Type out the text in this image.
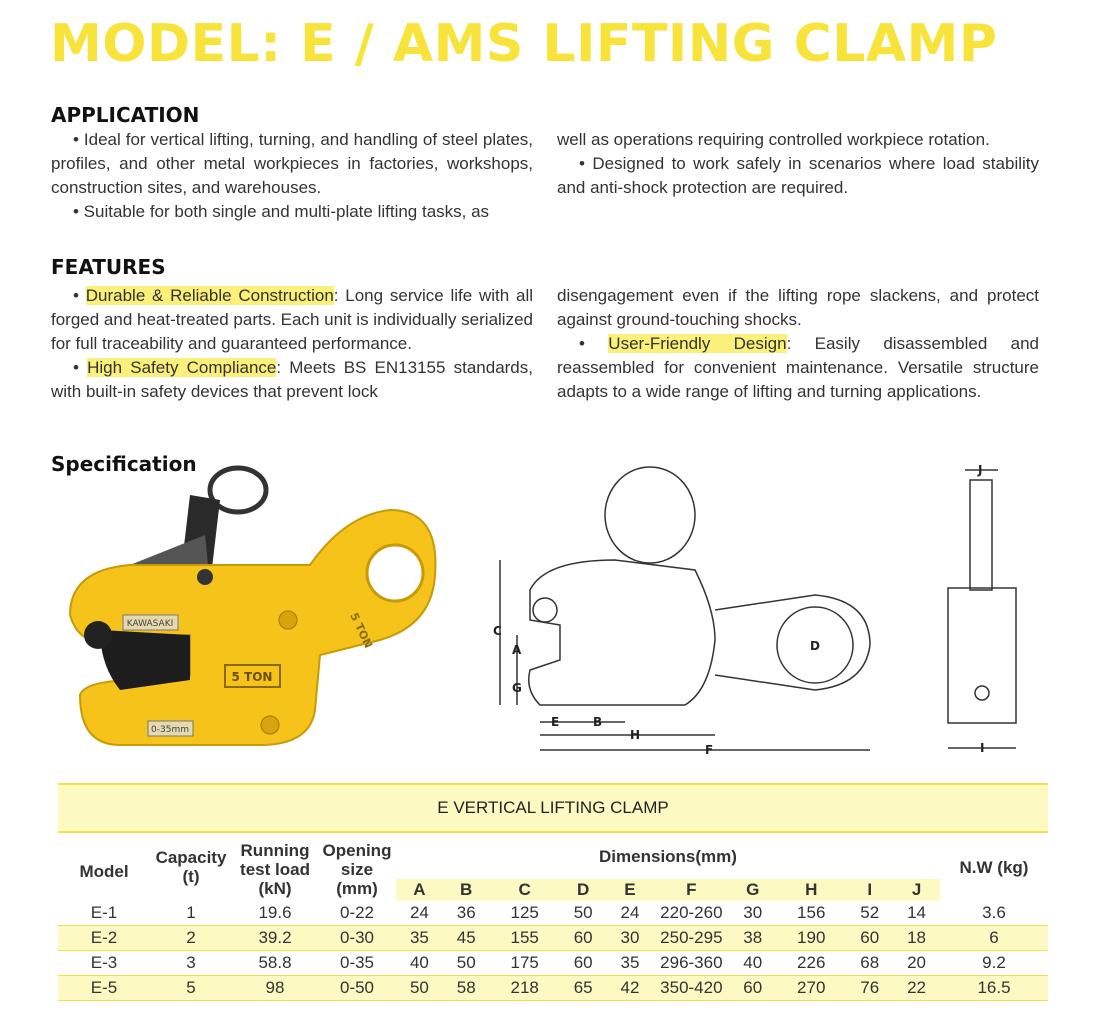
MODEL: E / AMS LIFTING CLAMP
APPLICATION

• Ideal for vertical lifting, turning, and handling of steel plates, profiles, and other metal workpieces in factories, workshops, construction sites, and warehouses.

• Suitable for both single and multi-plate lifting tasks, as

well as operations requiring controlled workpiece rotation.

• Designed to work safely in scenarios where load stability and anti-shock protection are required.

FEATURES

• Durable & Reliable Construction: Long service life with all forged and heat-treated parts. Each unit is individually serialized for full traceability and guaranteed performance.

• High Safety Compliance: Meets BS EN13155 standards, with built-in safety devices that prevent lock

disengagement even if the lifting rope slackens, and protect against ground-touching shocks.

• User-Friendly Design: Easily disassembled and reassembled for convenient maintenance. Versatile structure adapts to a wide range of lifting and turning applications.

Specification
KAWASAKI
5 TON
0-35mm
5 TON	C
A
G
E	B
H
F
D
J
I
E VERTICAL LIFTING CLAMP														
Model	Capacity (t)	Running test load (kN)	Opening size (mm)	Dimensions(mm)										N.W (kg)
				A	B	C	D	E	F	G	H	I	J	
E-1	1	19.6	0-22	24	36	125	50	24	220-260	30	156	52	14	3.6
E-2	2	39.2	0-30	35	45	155	60	30	250-295	38	190	60	18	6
E-3	3	58.8	0-35	40	50	175	60	35	296-360	40	226	68	20	9.2
E-5	5	98	0-50	50	58	218	65	42	350-420	60	270	76	22	16.5
